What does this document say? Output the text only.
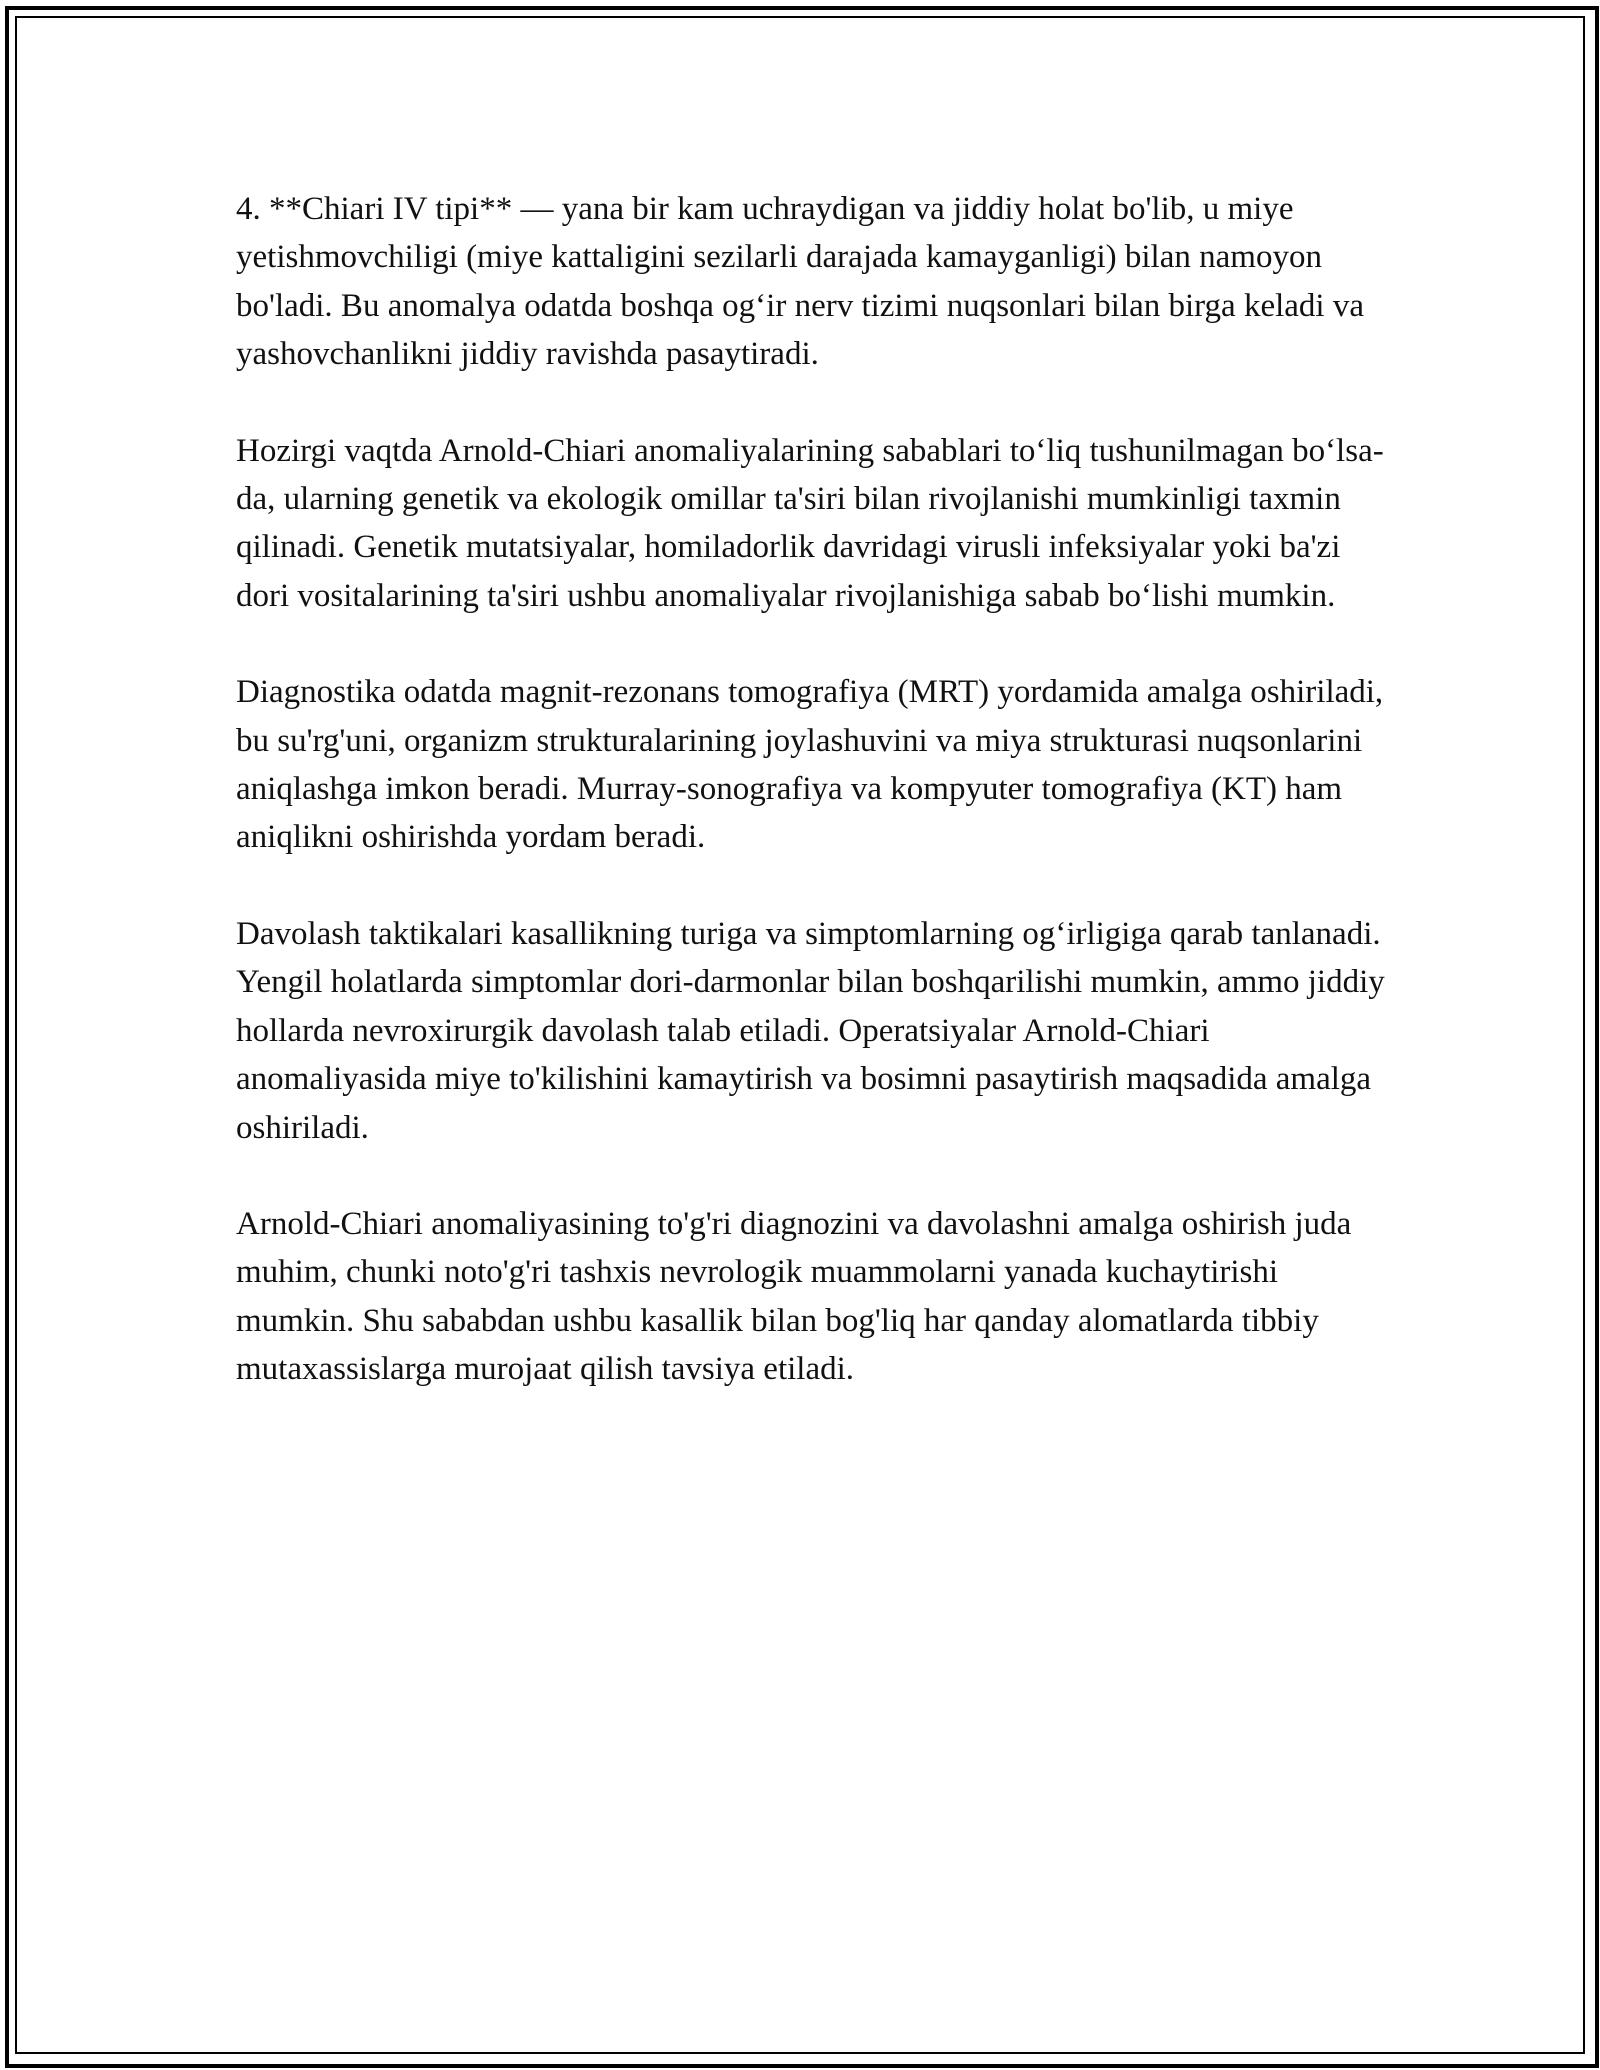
4. **Chiari IV tipi** — yana bir kam uchraydigan va jiddiy holat bo'lib, u miye yetishmovchiligi (miye kattaligini sezilarli darajada kamayganligi) bilan namoyon bo'ladi. Bu anomalya odatda boshqa og‘ir nerv tizimi nuqsonlari bilan birga keladi va yashovchanlikni jiddiy ravishda pasaytiradi.

Hozirgi vaqtda Arnold-Chiari anomaliyalarining sabablari to‘liq tushunilmagan bo‘lsa-da, ularning genetik va ekologik omillar ta'siri bilan rivojlanishi mumkinligi taxmin qilinadi. Genetik mutatsiyalar, homiladorlik davridagi virusli infeksiyalar yoki ba'zi dori vositalarining ta'siri ushbu anomaliyalar rivojlanishiga sabab bo‘lishi mumkin.

Diagnostika odatda magnit-rezonans tomografiya (MRT) yordamida amalga oshiriladi, bu su'rg'uni, organizm strukturalarining joylashuvini va miya strukturasi nuqsonlarini aniqlashga imkon beradi. Murray-sonografiya va kompyuter tomografiya (KT) ham aniqlikni oshirishda yordam beradi.

Davolash taktikalari kasallikning turiga va simptomlarning og‘irligiga qarab tanlanadi. Yengil holatlarda simptomlar dori-darmonlar bilan boshqarilishi mumkin, ammo jiddiy hollarda nevroxirurgik davolash talab etiladi. Operatsiyalar Arnold-Chiari anomaliyasida miye to'kilishini kamaytirish va bosimni pasaytirish maqsadida amalga oshiriladi.

Arnold-Chiari anomaliyasining to'g'ri diagnozini va davolashni amalga oshirish juda muhim, chunki noto'g'ri tashxis nevrologik muammolarni yanada kuchaytirishi mumkin. Shu sababdan ushbu kasallik bilan bog'liq har qanday alomatlarda tibbiy mutaxassislarga murojaat qilish tavsiya etiladi.
